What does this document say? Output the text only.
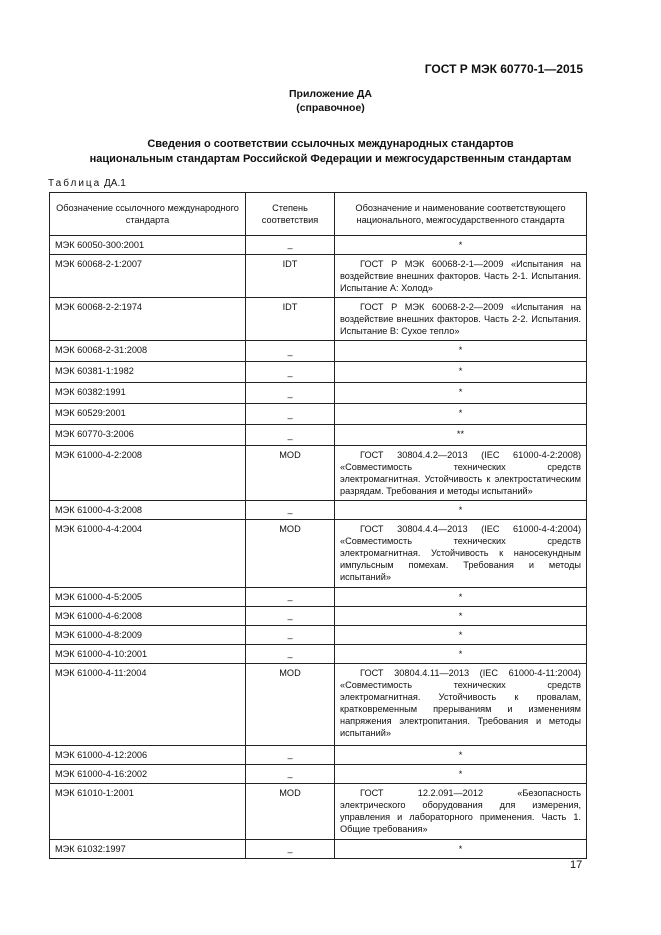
ГОСТ Р МЭК 60770-1—2015
Приложение ДА
(справочное)
Сведения о соответствии ссылочных международных стандартов
национальным стандартам Российской Федерации и межгосударственным стандартам
Таблица ДА.1
Обозначение ссылочного международного стандарта	Степень соответствия	Обозначение и наименование соответствующего национального, межгосударственного стандарта
МЭК 60050-300:2001	–	*
МЭК 60068-2-1:2007	IDT	ГОСТ Р МЭК 60068-2-1—2009 «Испытания на воздействие внешних факторов. Часть 2-1. Испытания. Испытание А: Холод»
МЭК 60068-2-2:1974	IDT	ГОСТ Р МЭК 60068-2-2—2009 «Испытания на воздействие внешних факторов. Часть 2-2. Испытания. Испытание В: Сухое тепло»
МЭК 60068-2-31:2008	–	*
МЭК 60381-1:1982	–	*
МЭК 60382:1991	–	*
МЭК 60529:2001	–	*
МЭК 60770-3:2006	–	**
МЭК 61000-4-2:2008	MOD	ГОСТ 30804.4.2—2013 (IEC 61000-4-2:2008) «Совместимость технических средств электромагнитная. Устойчивость к электростатическим разрядам. Требования и методы испытаний»
МЭК 61000-4-3:2008	–	*
МЭК 61000-4-4:2004	MOD	ГОСТ 30804.4.4—2013 (IEC 61000-4-4:2004) «Совместимость технических средств электромагнитная. Устойчивость к наносекундным импульсным помехам. Требования и методы испытаний»
МЭК 61000-4-5:2005	–	*
МЭК 61000-4-6:2008	–	*
МЭК 61000-4-8:2009	–	*
МЭК 61000-4-10:2001	–	*
МЭК 61000-4-11:2004	MOD	ГОСТ 30804.4.11—2013 (IEC 61000-4-11:2004) «Совместимость технических средств электромагнитная. Устойчивость к провалам, кратковременным прерываниям и изменениям напряжения электропитания. Требования и методы испытаний»
МЭК 61000-4-12:2006	–	*
МЭК 61000-4-16:2002	–	*
МЭК 61010-1:2001	MOD	ГОСТ 12.2.091—2012 «Безопасность электрического оборудования для измерения, управления и лабораторного применения. Часть 1. Общие требования»
МЭК 61032:1997	–	*
17
